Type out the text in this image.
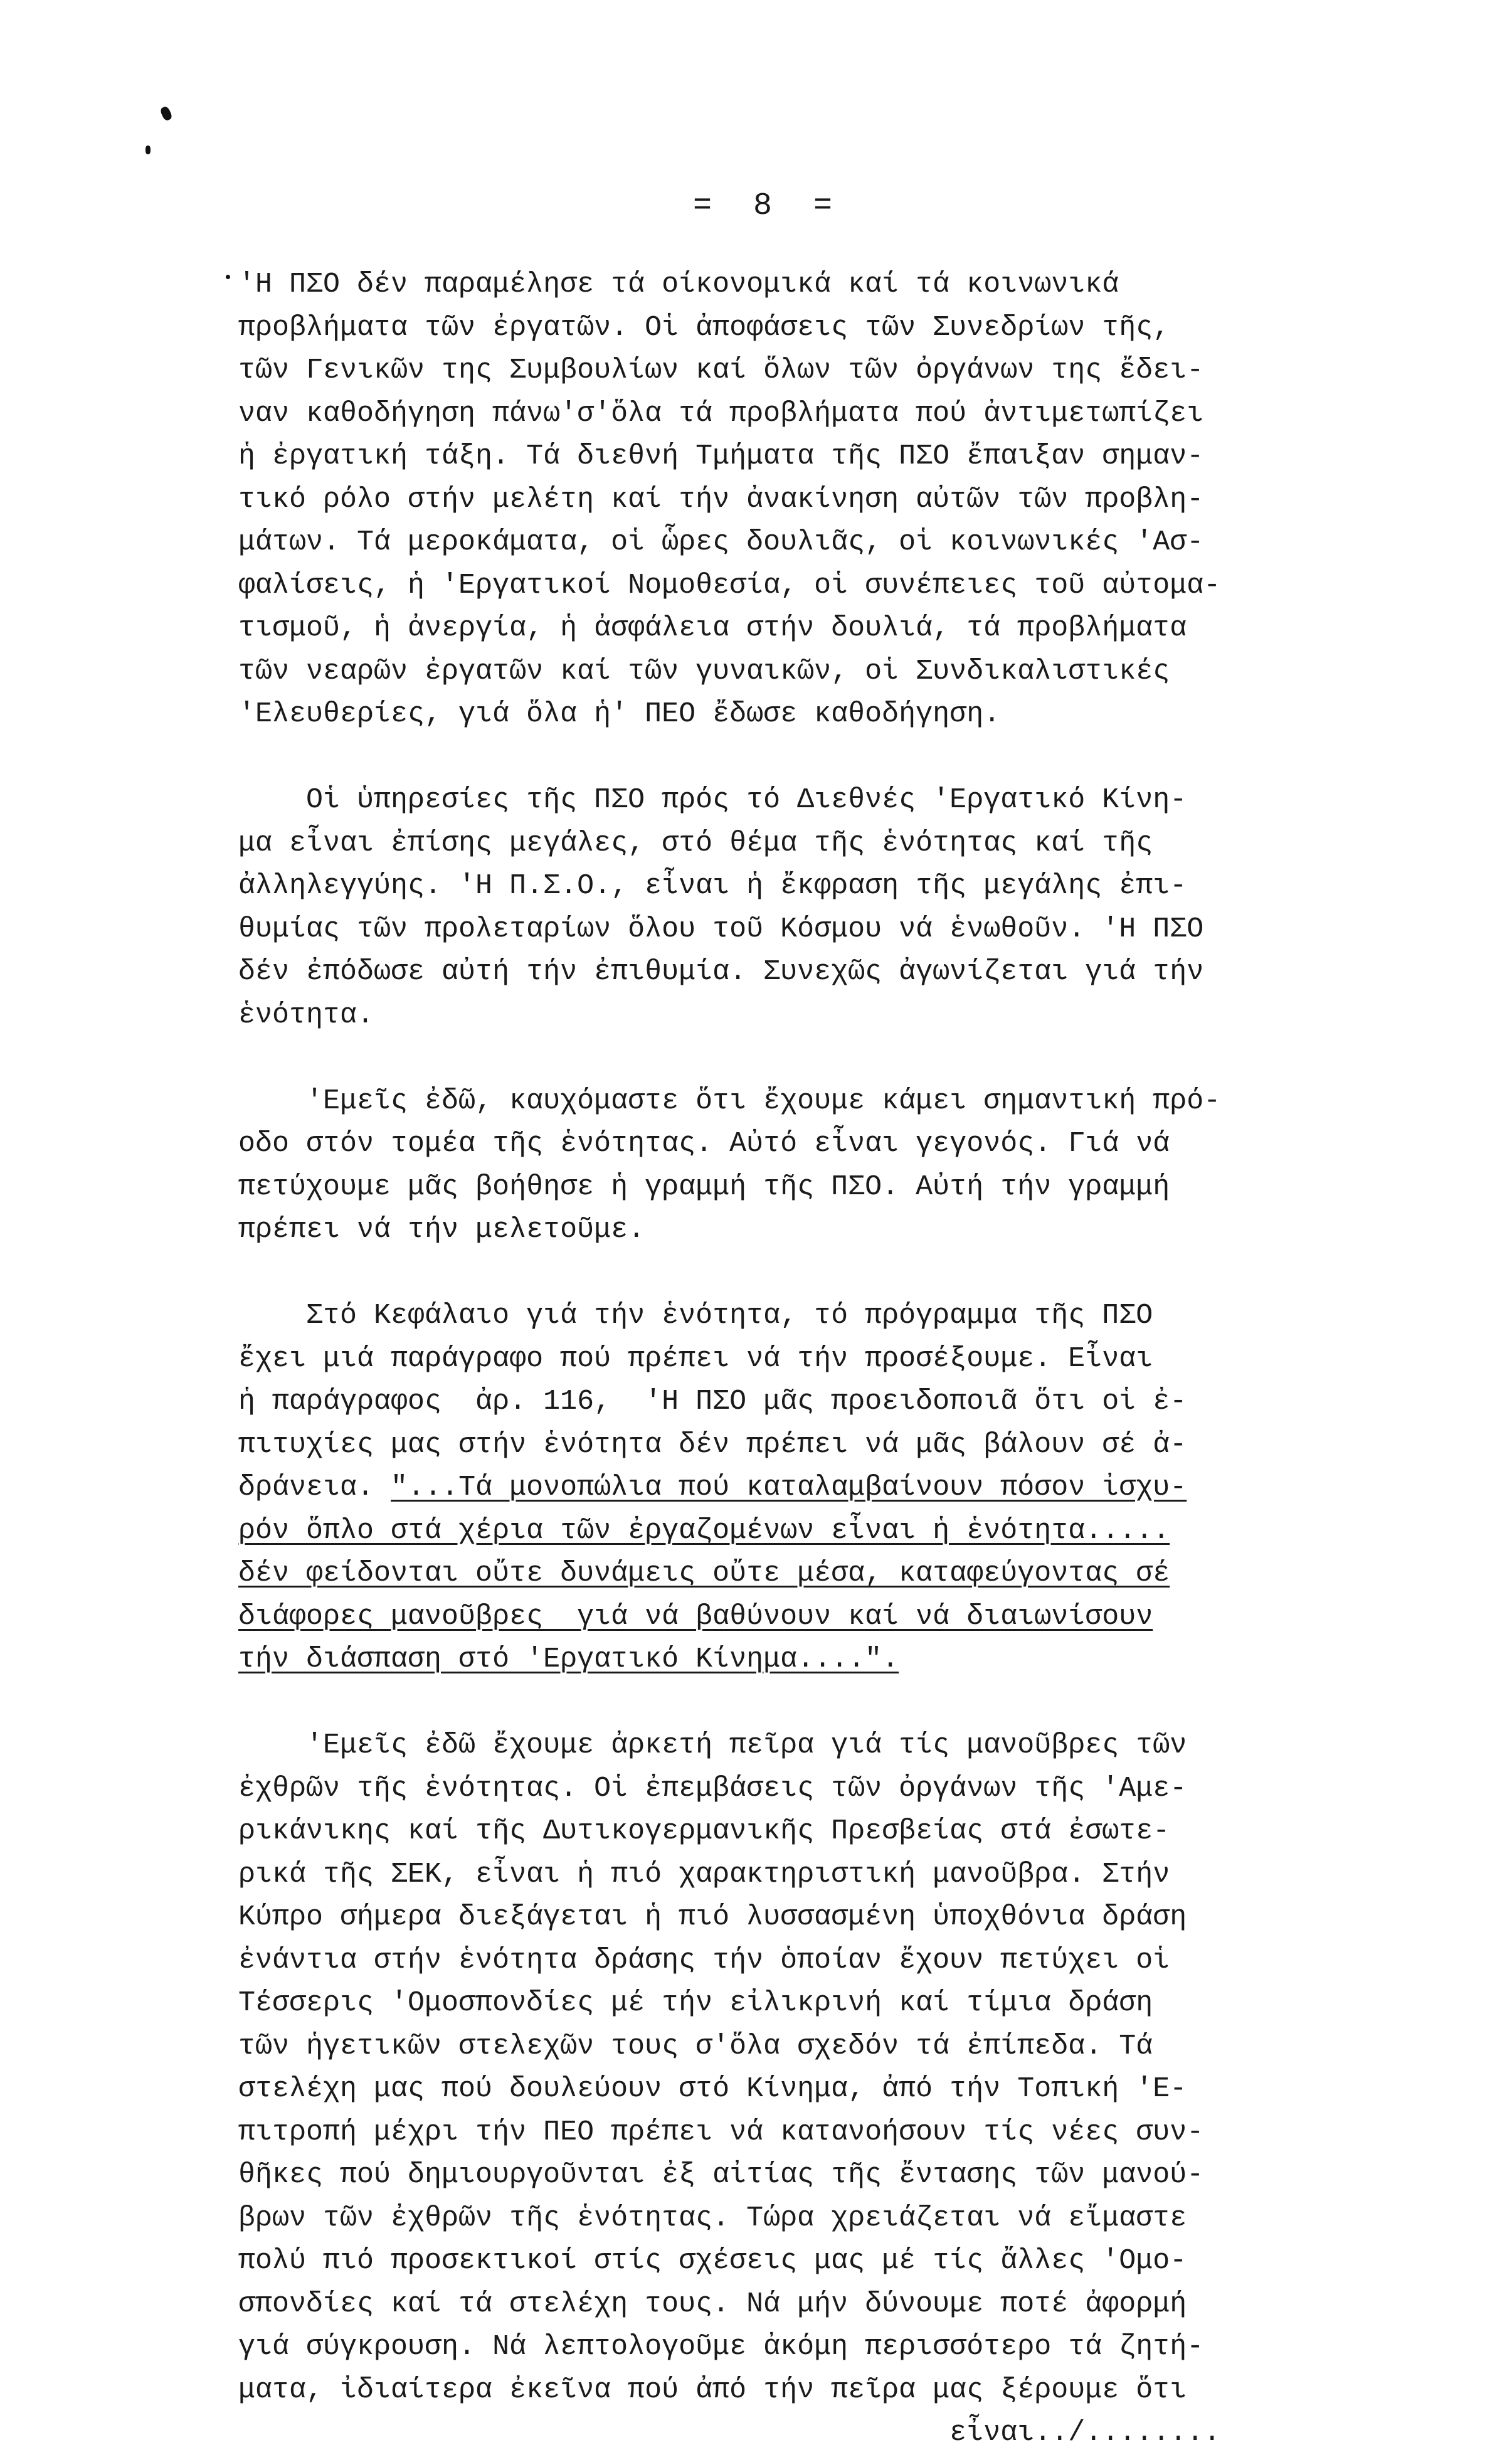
= 8 =
'Η ΠΣΟ δέν παραμέλησε τά οίκονομικά καί τά κοινωνικά
προβλήματα τῶν ἐργατῶν. Οἱ ἀποφάσεις τῶν Συνεδρίων τῆς,
τῶν Γενικῶν της Συμβουλίων καί ὅλων τῶν ὀργάνων της ἔδει-
ναν καθοδήγηση πάνω'σ'ὅλα τά προβλήματα πού ἀντιμετωπίζει
ἡ ἐργατική τάξη. Τά διεθνή Τμήματα τῆς ΠΣΟ ἔπαιξαν σημαν-
τικό ρόλο στήν μελέτη καί τήν ἀνακίνηση αὐτῶν τῶν προβλη-
μάτων. Τά μεροκάματα, οἱ ὧρες δουλιᾶς, οἱ κοινωνικές 'Ασ-
φαλίσεις, ἡ 'Εργατικοί Νομοθεσία, οἱ συνέπειες τοῦ αὐτομα-
τισμοῦ, ἡ ἀνεργία, ἡ ἀσφάλεια στήν δουλιά, τά προβλήματα
τῶν νεαρῶν ἐργατῶν καί τῶν γυναικῶν, οἱ Συνδικαλιστικές
'Ελευθερίες, γιά ὅλα ἡ' ΠΕΟ ἔδωσε καθοδήγηση.
Οἱ ὑπηρεσίες τῆς ΠΣΟ πρός τό Διεθνές 'Εργατικό Κίνη-
μα εἶναι ἐπίσης μεγάλες, στό θέμα τῆς ἑνότητας καί τῆς
ἀλληλεγγύης. 'Η Π.Σ.Ο., εἶναι ἡ ἔκφραση τῆς μεγάλης ἐπι-
θυμίας τῶν προλεταρίων ὅλου τοῦ Κόσμου νά ἑνωθοῦν. 'Η ΠΣΟ
δέν ἐπόδωσε αὐτή τήν ἐπιθυμία. Συνεχῶς ἀγωνίζεται γιά τήν
ἑνότητα.
'Εμεῖς ἐδῶ, καυχόμαστε ὅτι ἔχουμε κάμει σημαντική πρό-
οδο στόν τομέα τῆς ἑνότητας. Αὐτό εἶναι γεγονός. Γιά νά
πετύχουμε μᾶς βοήθησε ἡ γραμμή τῆς ΠΣΟ. Αὐτή τήν γραμμή
πρέπει νά τήν μελετοῦμε.
Στό Κεφάλαιο γιά τήν ἑνότητα, τό πρόγραμμα τῆς ΠΣΟ
ἔχει μιά παράγραφο πού πρέπει νά τήν προσέξουμε. Εἶναι
ἡ παράγραφος  ἀρ. 116,  'Η ΠΣΟ μᾶς προειδοποιᾶ ὅτι οἱ ἐ-
πιτυχίες μας στήν ἑνότητα δέν πρέπει νά μᾶς βάλουν σέ ἀ-
δράνεια. "...Τά μονοπώλια πού καταλαμβαίνουν πόσον ἰσχυ-
ρόν ὅπλο στά χέρια τῶν ἐργαζομένων εἶναι ἡ ἑνότητα.....
δέν φείδονται οὔτε δυνάμεις οὔτε μέσα, καταφεύγοντας σέ
διάφορες μανοῦβρες  γιά νά βαθύνουν καί νά διαιωνίσουν
τήν διάσπαση στό 'Εργατικό Κίνημα....".
'Εμεῖς ἐδῶ ἔχουμε ἀρκετή πεῖρα γιά τίς μανοῦβρες τῶν
ἐχθρῶν τῆς ἑνότητας. Οἱ ἐπεμβάσεις τῶν ὀργάνων τῆς 'Αμε-
ρικάνικης καί τῆς Δυτικογερμανικῆς Πρεσβείας στά ἐσωτε-
ρικά τῆς ΣΕΚ, εἶναι ἡ πιό χαρακτηριστική μανοῦβρα. Στήν
Κύπρο σήμερα διεξάγεται ἡ πιό λυσσασμένη ὑποχθόνια δράση
ἐνάντια στήν ἑνότητα δράσης τήν ὁποίαν ἔχουν πετύχει οἱ
Τέσσερις 'Ομοσπονδίες μέ τήν εἰλικρινή καί τίμια δράση
τῶν ἡγετικῶν στελεχῶν τους σ'ὅλα σχεδόν τά ἐπίπεδα. Τά
στελέχη μας πού δουλεύουν στό Κίνημα, ἀπό τήν Τοπική 'Ε-
πιτροπή μέχρι τήν ΠΕΟ πρέπει νά κατανοήσουν τίς νέες συν-
θῆκες πού δημιουργοῦνται ἐξ αἰτίας τῆς ἔντασης τῶν μανού-
βρων τῶν ἐχθρῶν τῆς ἑνότητας. Τώρα χρειάζεται νά εἴμαστε
πολύ πιό προσεκτικοί στίς σχέσεις μας μέ τίς ἄλλες 'Ομο-
σπονδίες καί τά στελέχη τους. Νά μήν δύνουμε ποτέ ἀφορμή
γιά σύγκρουση. Νά λεπτολογοῦμε ἀκόμη περισσότερο τά ζητή-
ματα, ἰδιαίτερα ἐκεῖνα πού ἀπό τήν πεῖρα μας ξέρουμε ὅτι
εἶναι../........
